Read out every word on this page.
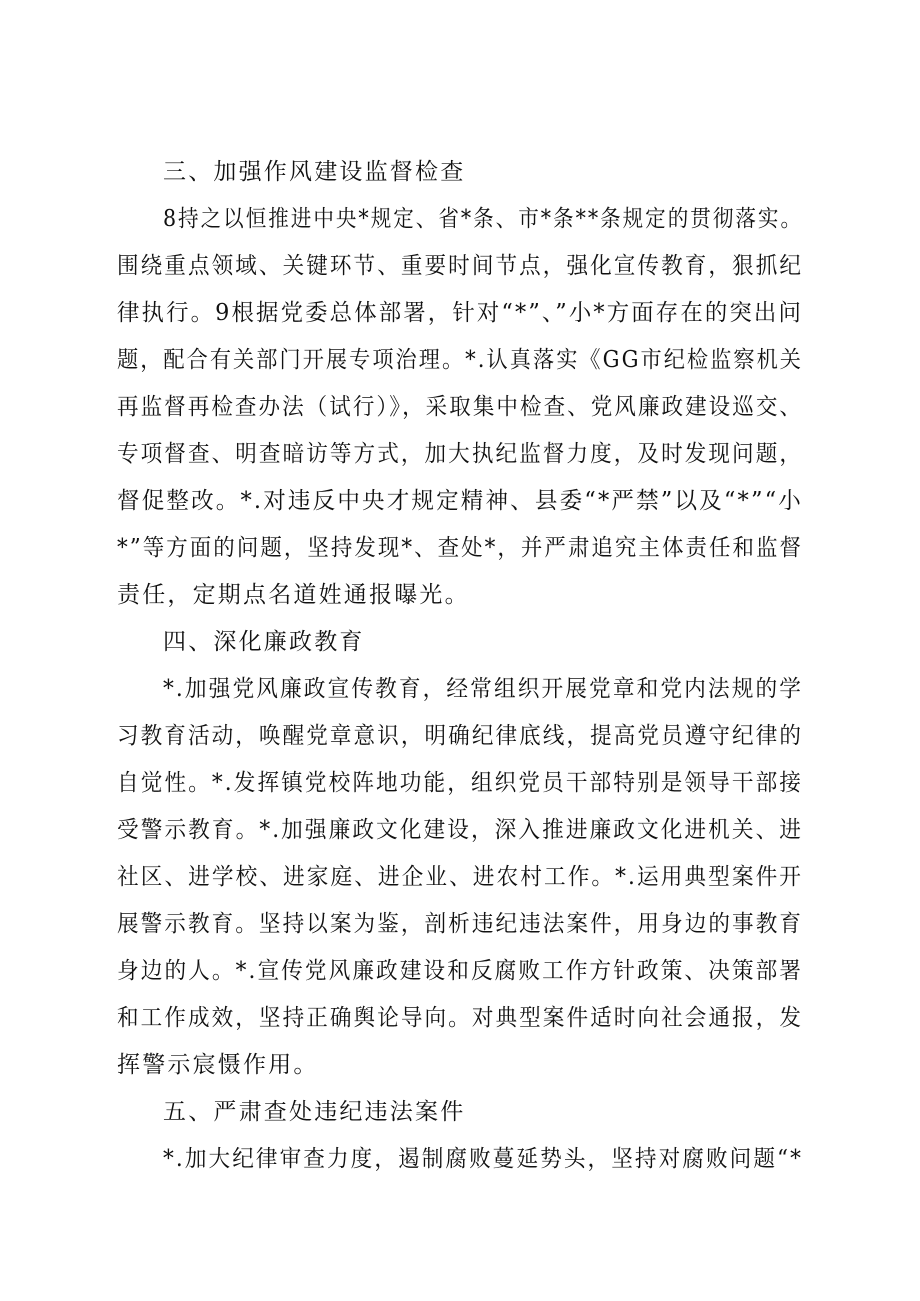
三、加强作风建设监督检查
8持之以恒推进中央*规定、省*条、市*条**条规定的贯彻落实。
围绕重点领域、关键环节、重要时间节点，强化宣传教育，狠抓纪
律执行。9根据党委总体部署，针对“*”、”小*方面存在的突出问
题，配合有关部门开展专项治理。*.认真落实《GG市纪检监察机关
再监督再检查办法（试行）》，采取集中检查、党风廉政建设巡交、
专项督查、明查暗访等方式，加大执纪监督力度，及时发现问题，
督促整改。*.对违反中央才规定精神、县委“*严禁”以及“*”“小
*”等方面的问题，坚持发现*、查处*，并严肃追究主体责任和监督
责任，定期点名道姓通报曝光。
四、深化廉政教育
*.加强党风廉政宣传教育，经常组织开展党章和党内法规的学
习教育活动，唤醒党章意识，明确纪律底线，提高党员遵守纪律的
自觉性。*.发挥镇党校阵地功能，组织党员干部特别是领导干部接
受警示教育。*.加强廉政文化建设，深入推进廉政文化进机关、进
社区、进学校、进家庭、进企业、进农村工作。*.运用典型案件开
展警示教育。坚持以案为鉴，剖析违纪违法案件，用身边的事教育
身边的人。*.宣传党风廉政建设和反腐败工作方针政策、决策部署
和工作成效，坚持正确舆论导向。对典型案件适时向社会通报，发
挥警示宸慑作用。
五、严肃查处违纪违法案件
*.加大纪律审查力度，遏制腐败蔓延势头，坚持对腐败问题“*
